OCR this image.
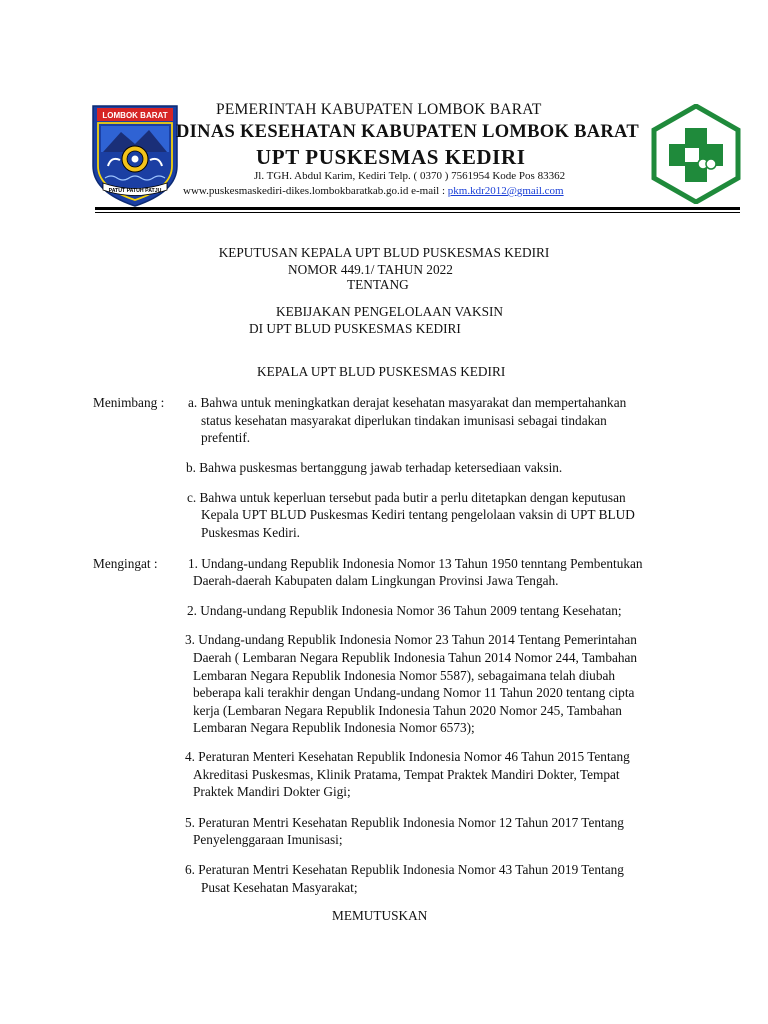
LOMBOK BARAT
PATUT PATUH PATJU
PEMERINTAH KABUPATEN LOMBOK BARAT
DINAS KESEHATAN KABUPATEN LOMBOK BARAT
UPT PUSKESMAS KEDIRI
Jl. TGH. Abdul Karim, Kediri Telp. ( 0370 ) 7561954 Kode Pos 83362
www.puskesmaskediri-dikes.lombokbaratkab.go.id e-mail : pkm.kdr2012@gmail.com
KEPUTUSAN KEPALA UPT BLUD PUSKESMAS KEDIRI
NOMOR 449.1/ TAHUN 2022
TENTANG
KEBIJAKAN PENGELOLAAN VAKSIN
DI UPT BLUD PUSKESMAS KEDIRI
KEPALA UPT BLUD PUSKESMAS KEDIRI
Menimbang : a. Bahwa untuk meningkatkan derajat kesehatan masyarakat dan mempertahankan
status kesehatan masyarakat diperlukan tindakan imunisasi sebagai tindakan
prefentif.
b. Bahwa puskesmas bertanggung jawab terhadap ketersediaan vaksin.
c. Bahwa untuk keperluan tersebut pada butir a perlu ditetapkan dengan keputusan
Kepala UPT BLUD Puskesmas Kediri tentang pengelolaan vaksin di UPT BLUD
Puskesmas Kediri.
Mengingat : 1. Undang-undang Republik Indonesia Nomor 13 Tahun 1950 tenntang Pembentukan
Daerah-daerah Kabupaten dalam Lingkungan Provinsi Jawa Tengah.
2. Undang-undang Republik Indonesia Nomor 36 Tahun 2009 tentang Kesehatan;
3. Undang-undang Republik Indonesia Nomor 23 Tahun 2014 Tentang Pemerintahan
Daerah ( Lembaran Negara Republik Indonesia Tahun 2014 Nomor 244, Tambahan
Lembaran Negara Republik Indonesia Nomor 5587), sebagaimana telah diubah
beberapa kali terakhir dengan Undang-undang Nomor 11 Tahun 2020 tentang cipta
kerja (Lembaran Negara Republik Indonesia Tahun 2020 Nomor 245, Tambahan
Lembaran Negara Republik Indonesia Nomor 6573);
4. Peraturan Menteri Kesehatan Republik Indonesia Nomor 46 Tahun 2015 Tentang
Akreditasi Puskesmas, Klinik Pratama, Tempat Praktek Mandiri Dokter, Tempat
Praktek Mandiri Dokter Gigi;
5. Peraturan Mentri Kesehatan Republik Indonesia Nomor 12 Tahun 2017 Tentang
Penyelenggaraan Imunisasi;
6. Peraturan Mentri Kesehatan Republik Indonesia Nomor 43 Tahun 2019 Tentang
Pusat Kesehatan Masyarakat;
MEMUTUSKAN
